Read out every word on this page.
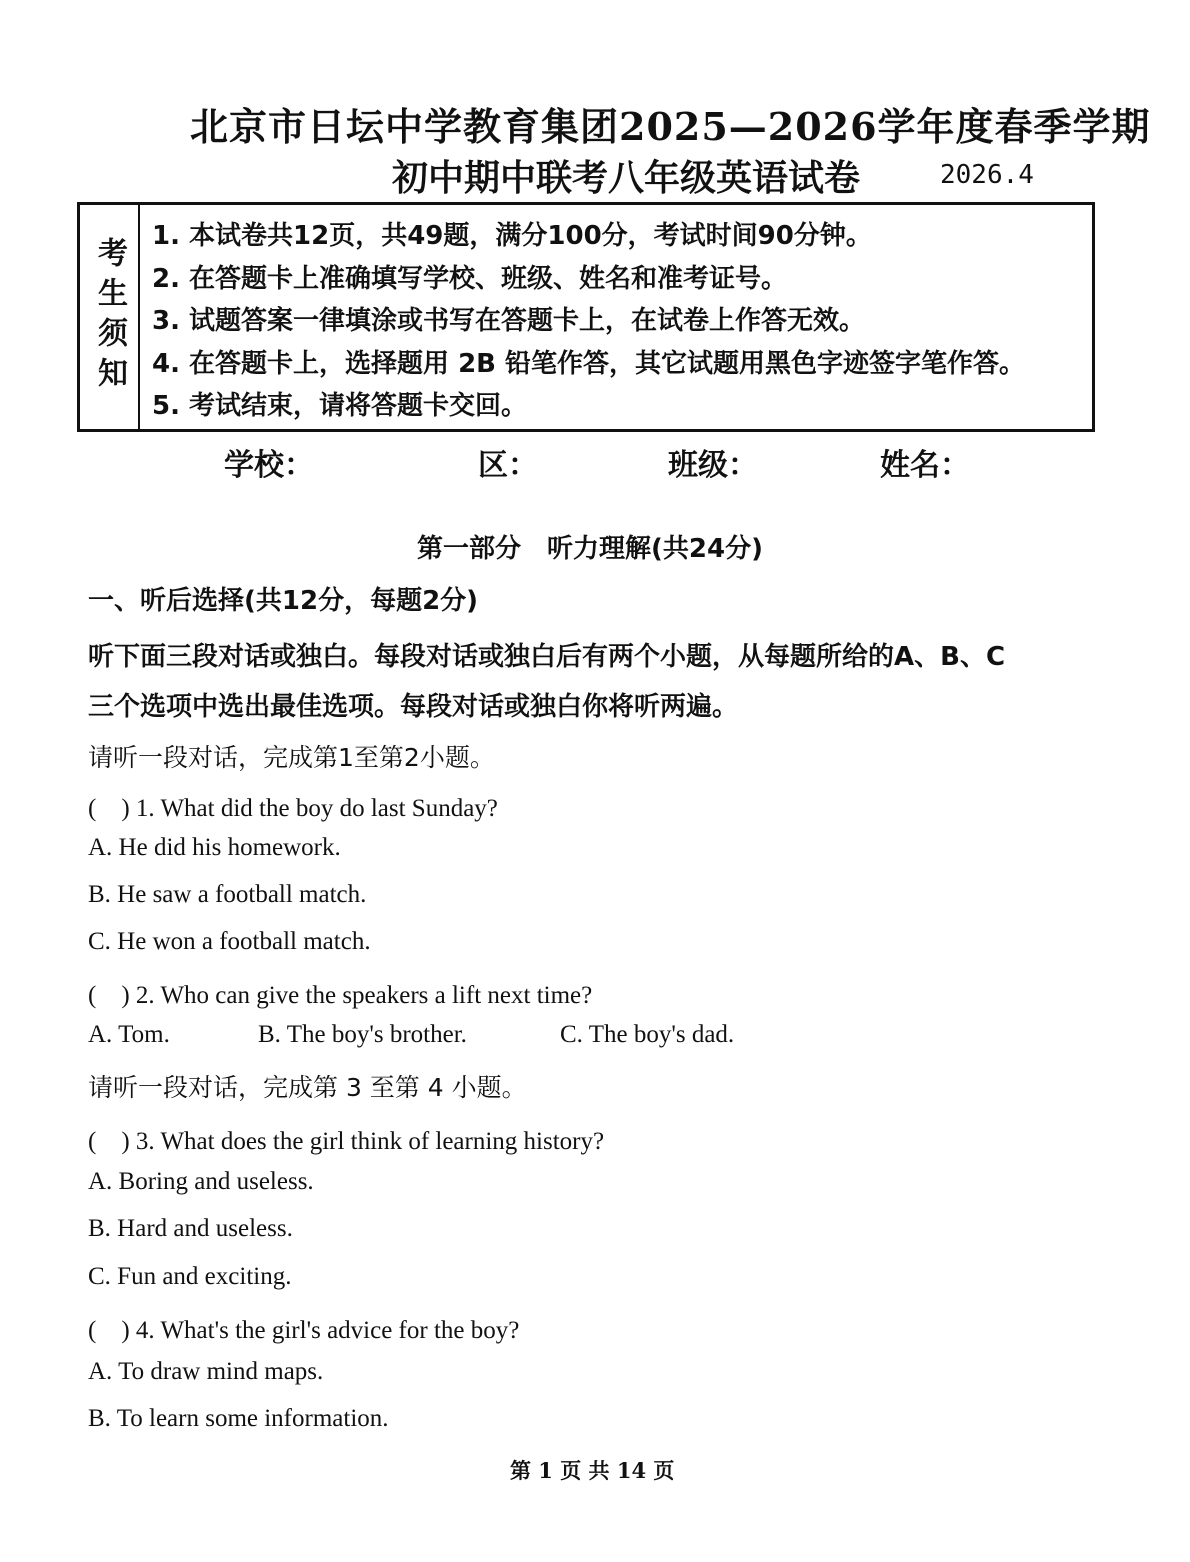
北京市日坛中学教育集团2025—2026学年度春季学期
初中期中联考八年级英语试卷	2026.4
考生须知
1. 本试卷共12页，共49题，满分100分，考试时间90分钟。
2. 在答题卡上准确填写学校、班级、姓名和准考证号。
3. 试题答案一律填涂或书写在答题卡上，在试卷上作答无效。
4. 在答题卡上，选择题用 2B 铅笔作答，其它试题用黑色字迹签字笔作答。
5. 考试结束，请将答题卡交回。
学校：	区：	班级：	姓名：
第一部分　听力理解(共24分)
一、听后选择(共12分，每题2分)
听下面三段对话或独白。每段对话或独白后有两个小题，从每题所给的A、B、C
三个选项中选出最佳选项。每段对话或独白你将听两遍。
请听一段对话，完成第1至第2小题。
(　) 1. What did the boy do last Sunday?
A. He did his homework.
B. He saw a football match.
C. He won a football match.
(　) 2. Who can give the speakers a lift next time?
A. Tom.	B. The boy's brother.	C. The boy's dad.
请听一段对话，完成第 3 至第 4 小题。
(　) 3. What does the girl think of learning history?
A. Boring and useless.
B. Hard and useless.
C. Fun and exciting.
(　) 4. What's the girl's advice for the boy?
A. To draw mind maps.
B. To learn some information.
第 1 页 共 14 页
